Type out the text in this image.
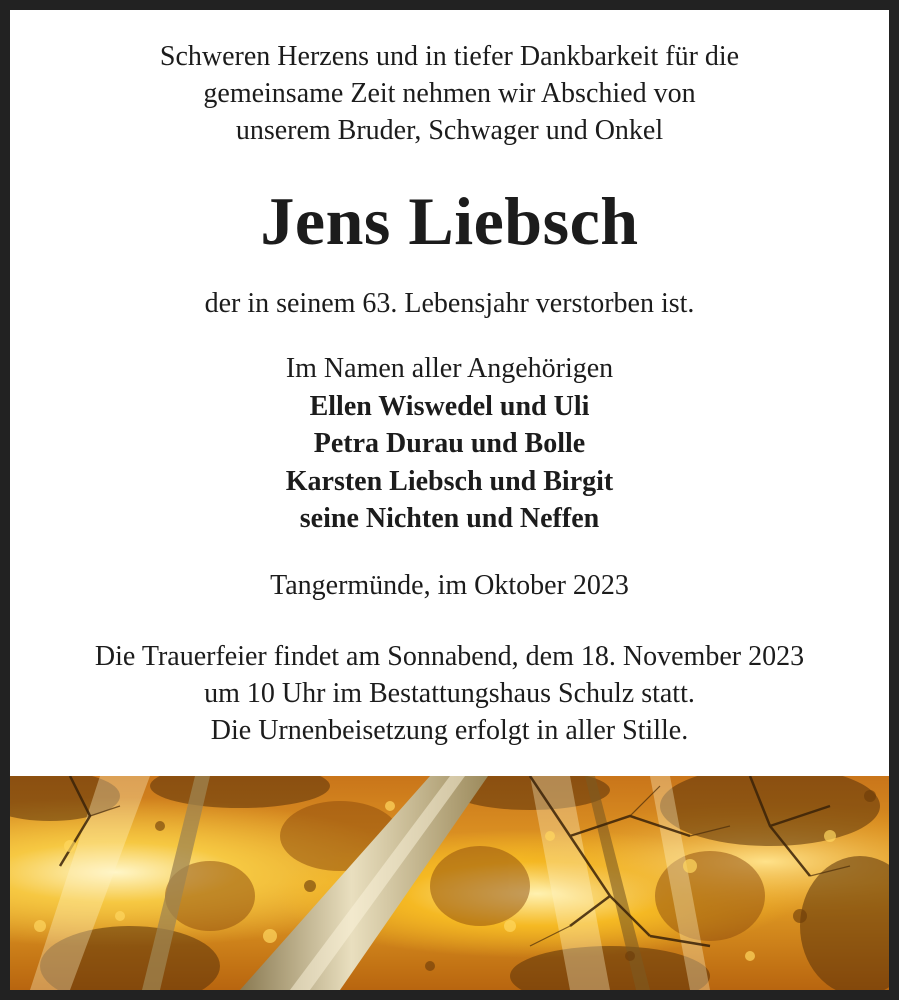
Schweren Herzens und in tiefer Dankbarkeit für die
gemeinsame Zeit nehmen wir Abschied von
unserem Bruder, Schwager und Onkel
Jens Liebsch
der in seinem 63. Lebensjahr verstorben ist.
Im Namen aller Angehörigen
Ellen Wiswedel und Uli
Petra Durau und Bolle
Karsten Liebsch und Birgit
seine Nichten und Neffen
Tangermünde, im Oktober 2023
Die Trauerfeier findet am Sonnabend, dem 18. November 2023
um 10 Uhr im Bestattungshaus Schulz statt.
Die Urnenbeisetzung erfolgt in aller Stille.
